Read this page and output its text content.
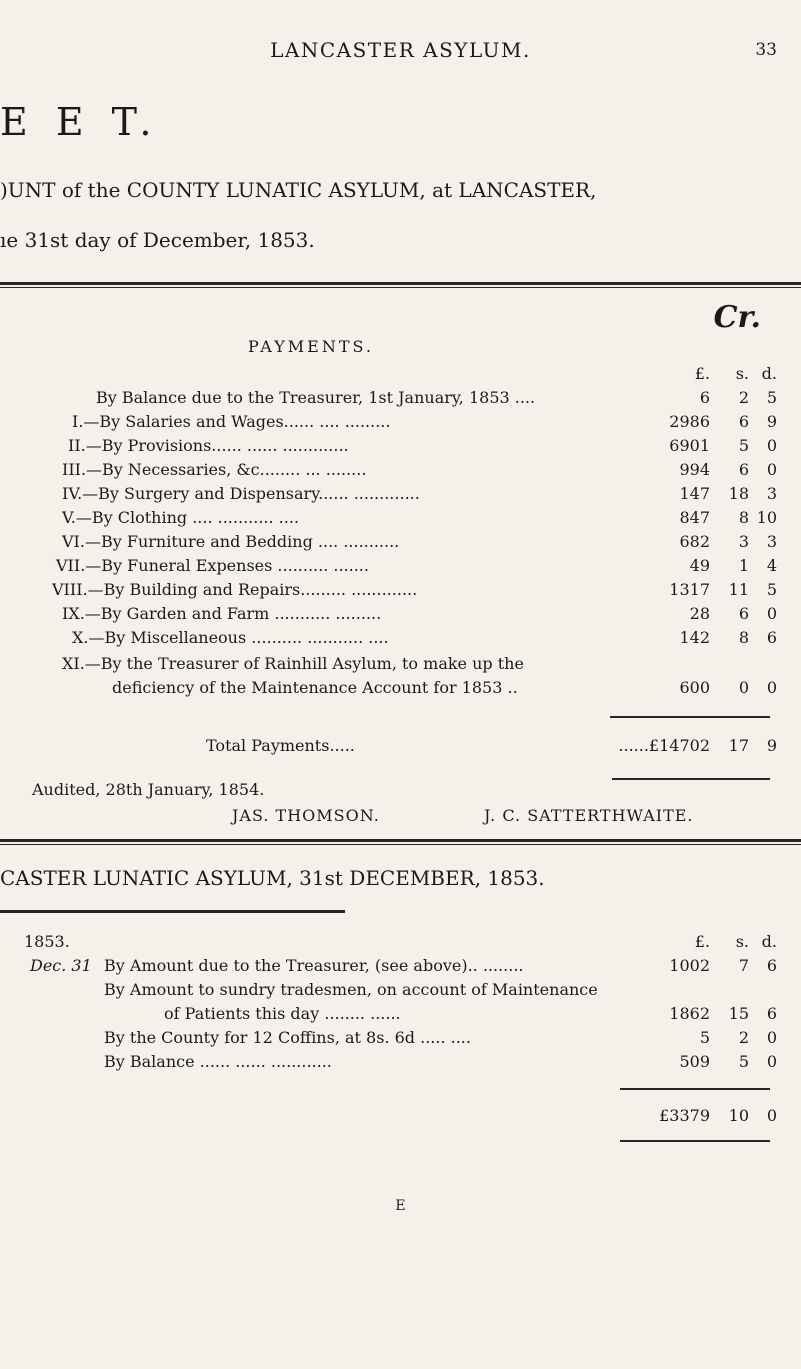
LANCASTER ASYLUM.	33
E E T.
)UNT of the COUNTY LUNATIC ASYLUM, at LANCASTER,
ıe 31st day of December, 1853.
Cr.
PAYMENTS.
£.	s. d.
By Balance due to the Treasurer, 1st January, 1853 ....	6	2	5
I.—By Salaries and Wages...... .... .........	2986	6	9
II.—By Provisions...... ...... .............	6901	5	0
III.—By Necessaries, &c........ ... ........	994	6	0
IV.—By Surgery and Dispensary...... .............	147	18	3
V.—By Clothing .... ........... ....	847	8 10
VI.—By Furniture and Bedding .... ...........	682	3	3
VII.—By Funeral Expenses .......... .......	49	1	4
VIII.—By Building and Repairs......... .............	1317	11	5
IX.—By Garden and Farm ........... .........	28	6	0
X.—By Miscellaneous .......... ........... ....	142	8	6
XI.—By the Treasurer of Rainhill Asylum, to make up the
deficiency of the Maintenance Account for 1853 ..	600	0	0
Total Payments.....	......£14702	17	9
Audited, 28th January, 1854.
JAS. THOMSON.	J. C. SATTERTHWAITE.
CASTER LUNATIC ASYLUM, 31st DECEMBER, 1853.
1853.	£.	s. d.
Dec. 31 By Amount due to the Treasurer, (see above).. ........	1002	7	6
By Amount to sundry tradesmen, on account of Maintenance
of Patients this day ........ ......	1862	15	6
By the County for 12 Coffins, at 8s. 6d ..... ....	5	2	0
By Balance ...... ...... ............	509	5	0
£3379	10	0
E
